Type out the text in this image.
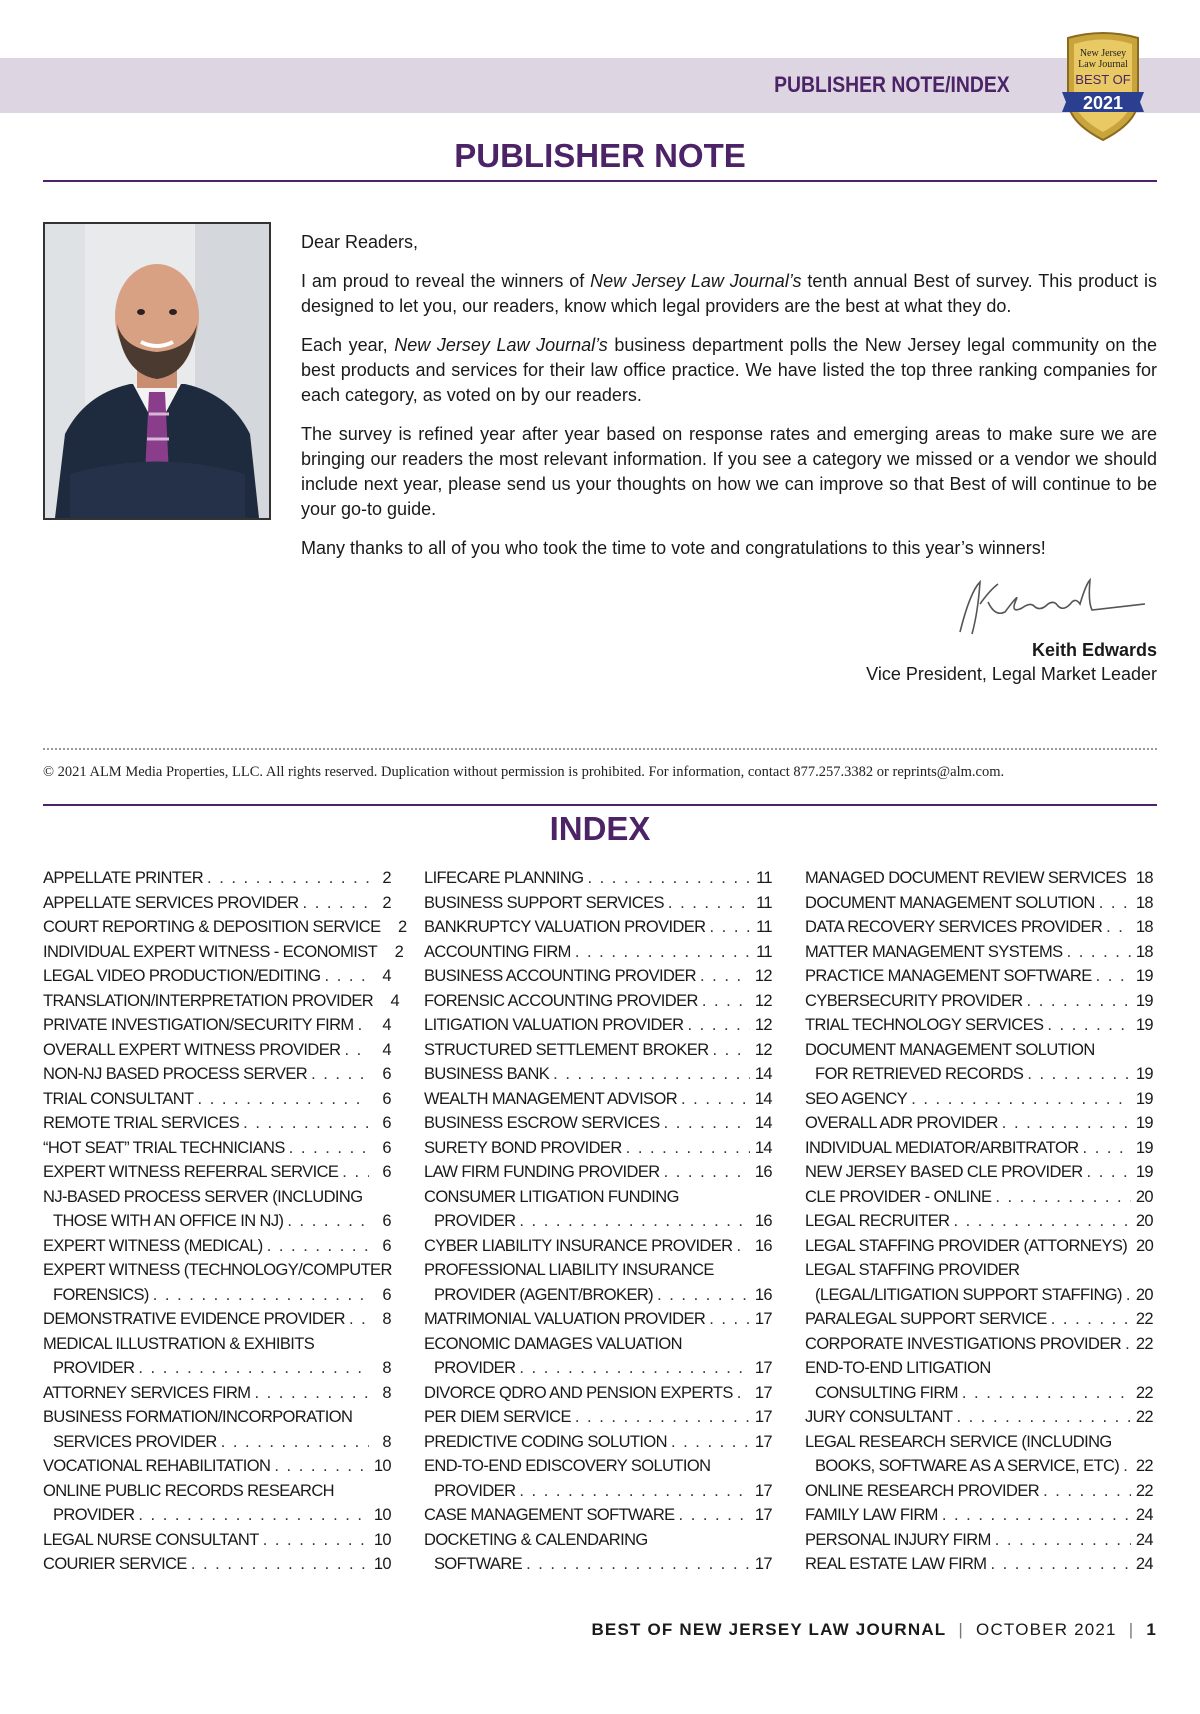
PUBLISHER NOTE/INDEX
New Jersey
Law Journal
BEST OF
2021
PUBLISHER NOTE

Dear Readers,

I am proud to reveal the winners of New Jersey Law Journal’s tenth annual Best of survey. This product is designed to let you, our readers, know which legal providers are the best at what they do.

Each year, New Jersey Law Journal’s business department polls the New Jersey legal community on the best products and services for their law office practice. We have listed the top three ranking companies for each category, as voted on by our readers.

The survey is refined year after year based on response rates and emerging areas to make sure we are bringing our readers the most relevant information. If you see a category we missed or a vendor we should include next year, please send us your thoughts on how we can improve so that Best of will continue to be your go-to guide.

Many thanks to all of you who took the time to vote and congratulations to this year’s winners!

Keith Edwards
Vice President, Legal Market Leader
© 2021 ALM Media Properties, LLC. All rights reserved. Duplication without permission is prohibited. For information, contact 877.257.3382 or reprints@alm.com.
INDEX
APPELLATE PRINTER . . .	2
APPELLATE SERVICES PROVIDER . . .	2
COURT REPORTING & DEPOSITION SERVICE	2
INDIVIDUAL EXPERT WITNESS - ECONOMIST	2
LEGAL VIDEO PRODUCTION/EDITING . . .	4
TRANSLATION/INTERPRETATION PROVIDER	4
PRIVATE INVESTIGATION/SECURITY FIRM . . .	4
OVERALL EXPERT WITNESS PROVIDER . . .	4
NON-NJ BASED PROCESS SERVER . . .	6
TRIAL CONSULTANT . . .	6
REMOTE TRIAL SERVICES . . .	6
“HOT SEAT” TRIAL TECHNICIANS . . .	6
EXPERT WITNESS REFERRAL SERVICE . . .	6
NJ-BASED PROCESS SERVER (INCLUDING
THOSE WITH AN OFFICE IN NJ) . . .	6
EXPERT WITNESS (MEDICAL) . . .	6
EXPERT WITNESS (TECHNOLOGY/COMPUTER
FORENSICS) . . .	6
DEMONSTRATIVE EVIDENCE PROVIDER . . .	8
MEDICAL ILLUSTRATION & EXHIBITS
PROVIDER . . .	8
ATTORNEY SERVICES FIRM . . .	8
BUSINESS FORMATION/INCORPORATION
SERVICES PROVIDER . . .	8
VOCATIONAL REHABILITATION . . .	10
ONLINE PUBLIC RECORDS RESEARCH
PROVIDER . . .	10
LEGAL NURSE CONSULTANT . . .	10
COURIER SERVICE . . .	10
LIFECARE PLANNING . . .	11
BUSINESS SUPPORT SERVICES . . .	11
BANKRUPTCY VALUATION PROVIDER . . .	11
ACCOUNTING FIRM . . .	11
BUSINESS ACCOUNTING PROVIDER . . .	12
FORENSIC ACCOUNTING PROVIDER . . .	12
LITIGATION VALUATION PROVIDER . . .	12
STRUCTURED SETTLEMENT BROKER . . .	12
BUSINESS BANK . . .	14
WEALTH MANAGEMENT ADVISOR . . .	14
BUSINESS ESCROW SERVICES . . .	14
SURETY BOND PROVIDER . . .	14
LAW FIRM FUNDING PROVIDER . . .	16
CONSUMER LITIGATION FUNDING
PROVIDER . . .	16
CYBER LIABILITY INSURANCE PROVIDER . . . 16
PROFESSIONAL LIABILITY INSURANCE
PROVIDER (AGENT/BROKER) . . .	16
MATRIMONIAL VALUATION PROVIDER . . .	17
ECONOMIC DAMAGES VALUATION
PROVIDER . . .	17
DIVORCE QDRO AND PENSION EXPERTS . . . 17
PER DIEM SERVICE . . .	17
PREDICTIVE CODING SOLUTION . . .	17
END-TO-END EDISCOVERY SOLUTION
PROVIDER . . .	17
CASE MANAGEMENT SOFTWARE . . .	17
DOCKETING & CALENDARING
SOFTWARE . . .	17
MANAGED DOCUMENT REVIEW SERVICES . . . 18
DOCUMENT MANAGEMENT SOLUTION . . . 18
DATA RECOVERY SERVICES PROVIDER . . . 18
MATTER MANAGEMENT SYSTEMS . . .	18
PRACTICE MANAGEMENT SOFTWARE . . .	19
CYBERSECURITY PROVIDER . . .	19
TRIAL TECHNOLOGY SERVICES . . .	19
DOCUMENT MANAGEMENT SOLUTION
FOR RETRIEVED RECORDS . . .	19
SEO AGENCY . . .	19
OVERALL ADR PROVIDER . . .	19
INDIVIDUAL MEDIATOR/ARBITRATOR . . .	19
NEW JERSEY BASED CLE PROVIDER . . .	19
CLE PROVIDER - ONLINE . . .	20
LEGAL RECRUITER . . .	20
LEGAL STAFFING PROVIDER (ATTORNEYS) 20
LEGAL STAFFING PROVIDER
(LEGAL/LITIGATION SUPPORT STAFFING) . . . 20
PARALEGAL SUPPORT SERVICE . . .	22
CORPORATE INVESTIGATIONS PROVIDER . . . 22
END-TO-END LITIGATION
CONSULTING FIRM . . .	22
JURY CONSULTANT . . .	22
LEGAL RESEARCH SERVICE (INCLUDING
BOOKS, SOFTWARE AS A SERVICE, ETC) . . . 22
ONLINE RESEARCH PROVIDER . . .	22
FAMILY LAW FIRM . . .	24
PERSONAL INJURY FIRM . . .	24
REAL ESTATE LAW FIRM . . .	24
BEST OF NEW JERSEY LAW JOURNAL | OCTOBER 2021 | 1
